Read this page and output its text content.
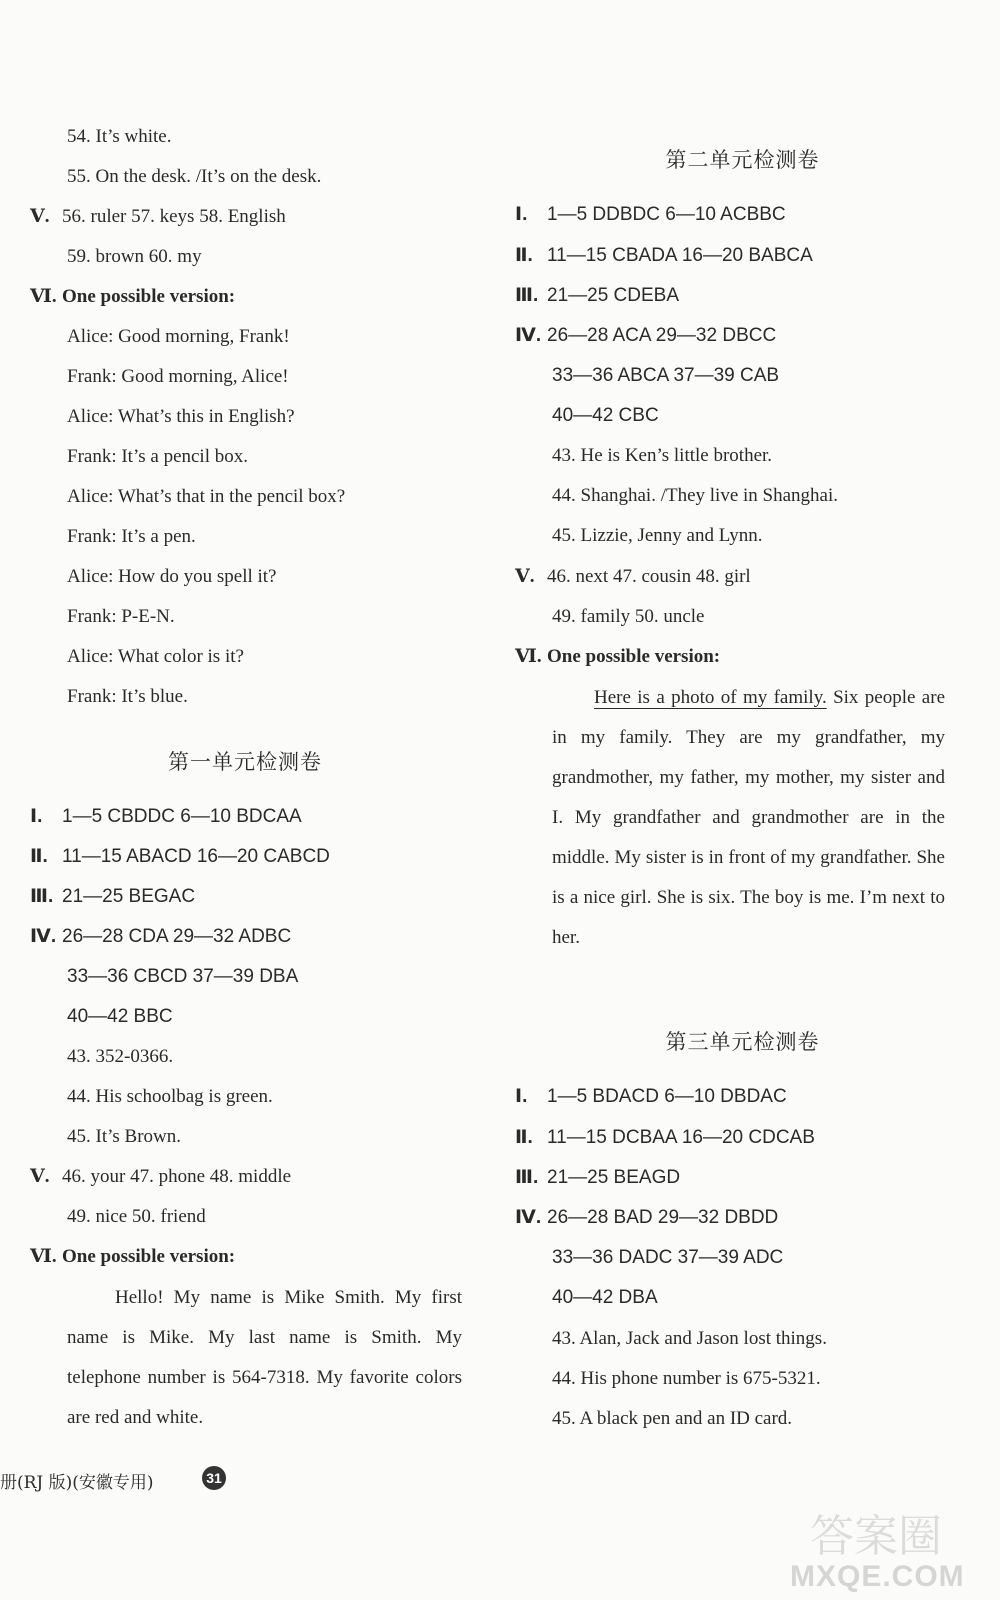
54. It’s white.
55. On the desk. /It’s on the desk.
Ⅴ. 56. ruler 57. keys 58. English
59. brown 60. my
Ⅵ. One possible version:
Alice: Good morning, Frank!
Frank: Good morning, Alice!
Alice: What’s this in English?
Frank: It’s a pencil box.
Alice: What’s that in the pencil box?
Frank: It’s a pen.
Alice: How do you spell it?
Frank: P-E-N.
Alice: What color is it?
Frank: It’s blue.
第一单元检测卷
Ⅰ. 1—5 CBDDC 6—10 BDCAA
Ⅱ. 11—15 ABACD 16—20 CABCD
Ⅲ. 21—25 BEGAC
Ⅳ. 26—28 CDA 29—32 ADBC
33—36 CBCD 37—39 DBA
40—42 BBC
43. 352-0366.
44. His schoolbag is green.
45. It’s Brown.
Ⅴ. 46. your 47. phone 48. middle
49. nice 50. friend
Ⅵ. One possible version:
Hello! My name is Mike Smith. My first name is Mike. My last name is Smith. My telephone number is 564-7318. My favorite colors are red and white.
第二单元检测卷
Ⅰ. 1—5 DDBDC 6—10 ACBBC
Ⅱ. 11—15 CBADA 16—20 BABCA
Ⅲ. 21—25 CDEBA
Ⅳ. 26—28 ACA 29—32 DBCC
33—36 ABCA 37—39 CAB
40—42 CBC
43. He is Ken’s little brother.
44. Shanghai. /They live in Shanghai.
45. Lizzie, Jenny and Lynn.
Ⅴ. 46. next 47. cousin 48. girl
49. family 50. uncle
Ⅵ. One possible version:
Here is a photo of my family. Six people are in my family. They are my grandfather, my grandmother, my father, my mother, my sister and I. My grandfather and grandmother are in the middle. My sister is in front of my grandfather. She is a nice girl. She is six. The boy is me. I’m next to her.
第三单元检测卷
Ⅰ. 1—5 BDACD 6—10 DBDAC
Ⅱ. 11—15 DCBAA 16—20 CDCAB
Ⅲ. 21—25 BEAGD
Ⅳ. 26—28 BAD 29—32 DBDD
33—36 DADC 37—39 ADC
40—42 DBA
43. Alan, Jack and Jason lost things.
44. His phone number is 675-5321.
45. A black pen and an ID card.
册(RJ 版)(安徽专用)	31
答案圈
MXQE.COM
